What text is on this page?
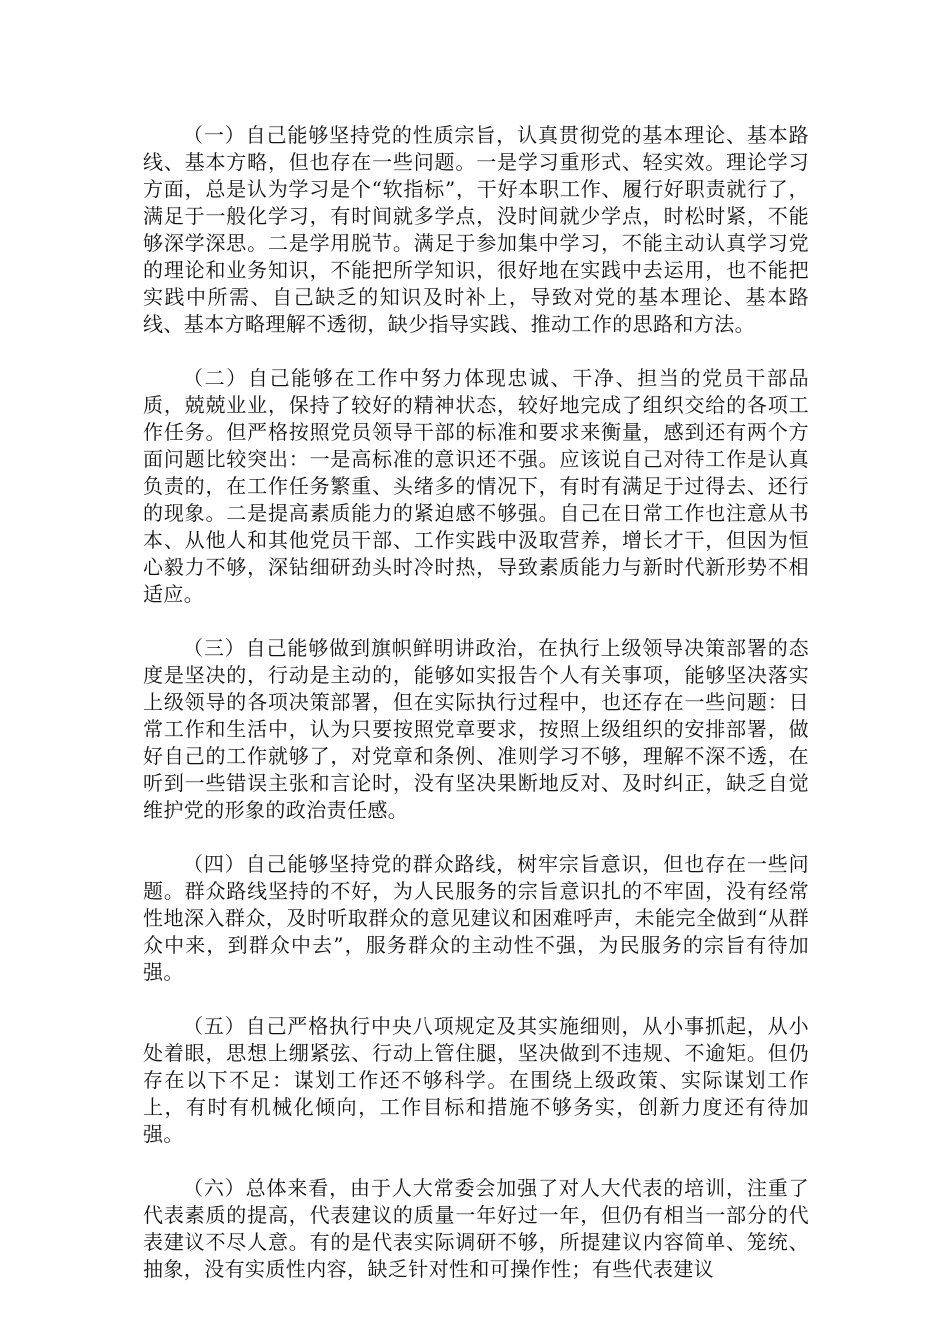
（一）自己能够坚持党的性质宗旨，认真贯彻党的基本理论、基本路线、基本方略，但也存在一些问题。一是学习重形式、轻实效。理论学习方面，总是认为学习是个“软指标”，干好本职工作、履行好职责就行了，满足于一般化学习，有时间就多学点，没时间就少学点，时松时紧，不能够深学深思。二是学用脱节。满足于参加集中学习，不能主动认真学习党的理论和业务知识，不能把所学知识，很好地在实践中去运用，也不能把实践中所需、自己缺乏的知识及时补上，导致对党的基本理论、基本路线、基本方略理解不透彻，缺少指导实践、推动工作的思路和方法。

（二）自己能够在工作中努力体现忠诚、干净、担当的党员干部品质，兢兢业业，保持了较好的精神状态，较好地完成了组织交给的各项工作任务。但严格按照党员领导干部的标准和要求来衡量，感到还有两个方面问题比较突出：一是高标准的意识还不强。应该说自己对待工作是认真负责的，在工作任务繁重、头绪多的情况下，有时有满足于过得去、还行的现象。二是提高素质能力的紧迫感不够强。自己在日常工作也注意从书本、从他人和其他党员干部、工作实践中汲取营养，增长才干，但因为恒心毅力不够，深钻细研劲头时冷时热，导致素质能力与新时代新形势不相适应。

（三）自己能够做到旗帜鲜明讲政治，在执行上级领导决策部署的态度是坚决的，行动是主动的，能够如实报告个人有关事项，能够坚决落实上级领导的各项决策部署，但在实际执行过程中，也还存在一些问题：日常工作和生活中，认为只要按照党章要求，按照上级组织的安排部署，做好自己的工作就够了，对党章和条例、准则学习不够，理解不深不透，在听到一些错误主张和言论时，没有坚决果断地反对、及时纠正，缺乏自觉维护党的形象的政治责任感。

（四）自己能够坚持党的群众路线，树牢宗旨意识，但也存在一些问题。群众路线坚持的不好，为人民服务的宗旨意识扎的不牢固，没有经常性地深入群众，及时听取群众的意见建议和困难呼声，未能完全做到“从群众中来，到群众中去”，服务群众的主动性不强，为民服务的宗旨有待加强。

（五）自己严格执行中央八项规定及其实施细则，从小事抓起，从小处着眼，思想上绷紧弦、行动上管住腿，坚决做到不违规、不逾矩。但仍存在以下不足：谋划工作还不够科学。在围绕上级政策、实际谋划工作上，有时有机械化倾向，工作目标和措施不够务实，创新力度还有待加强。

（六）总体来看，由于人大常委会加强了对人大代表的培训，注重了代表素质的提高，代表建议的质量一年好过一年，但仍有相当一部分的代表建议不尽人意。有的是代表实际调研不够，所提建议内容简单、笼统、抽象，没有实质性内容，缺乏针对性和可操作性；有些代表建议
